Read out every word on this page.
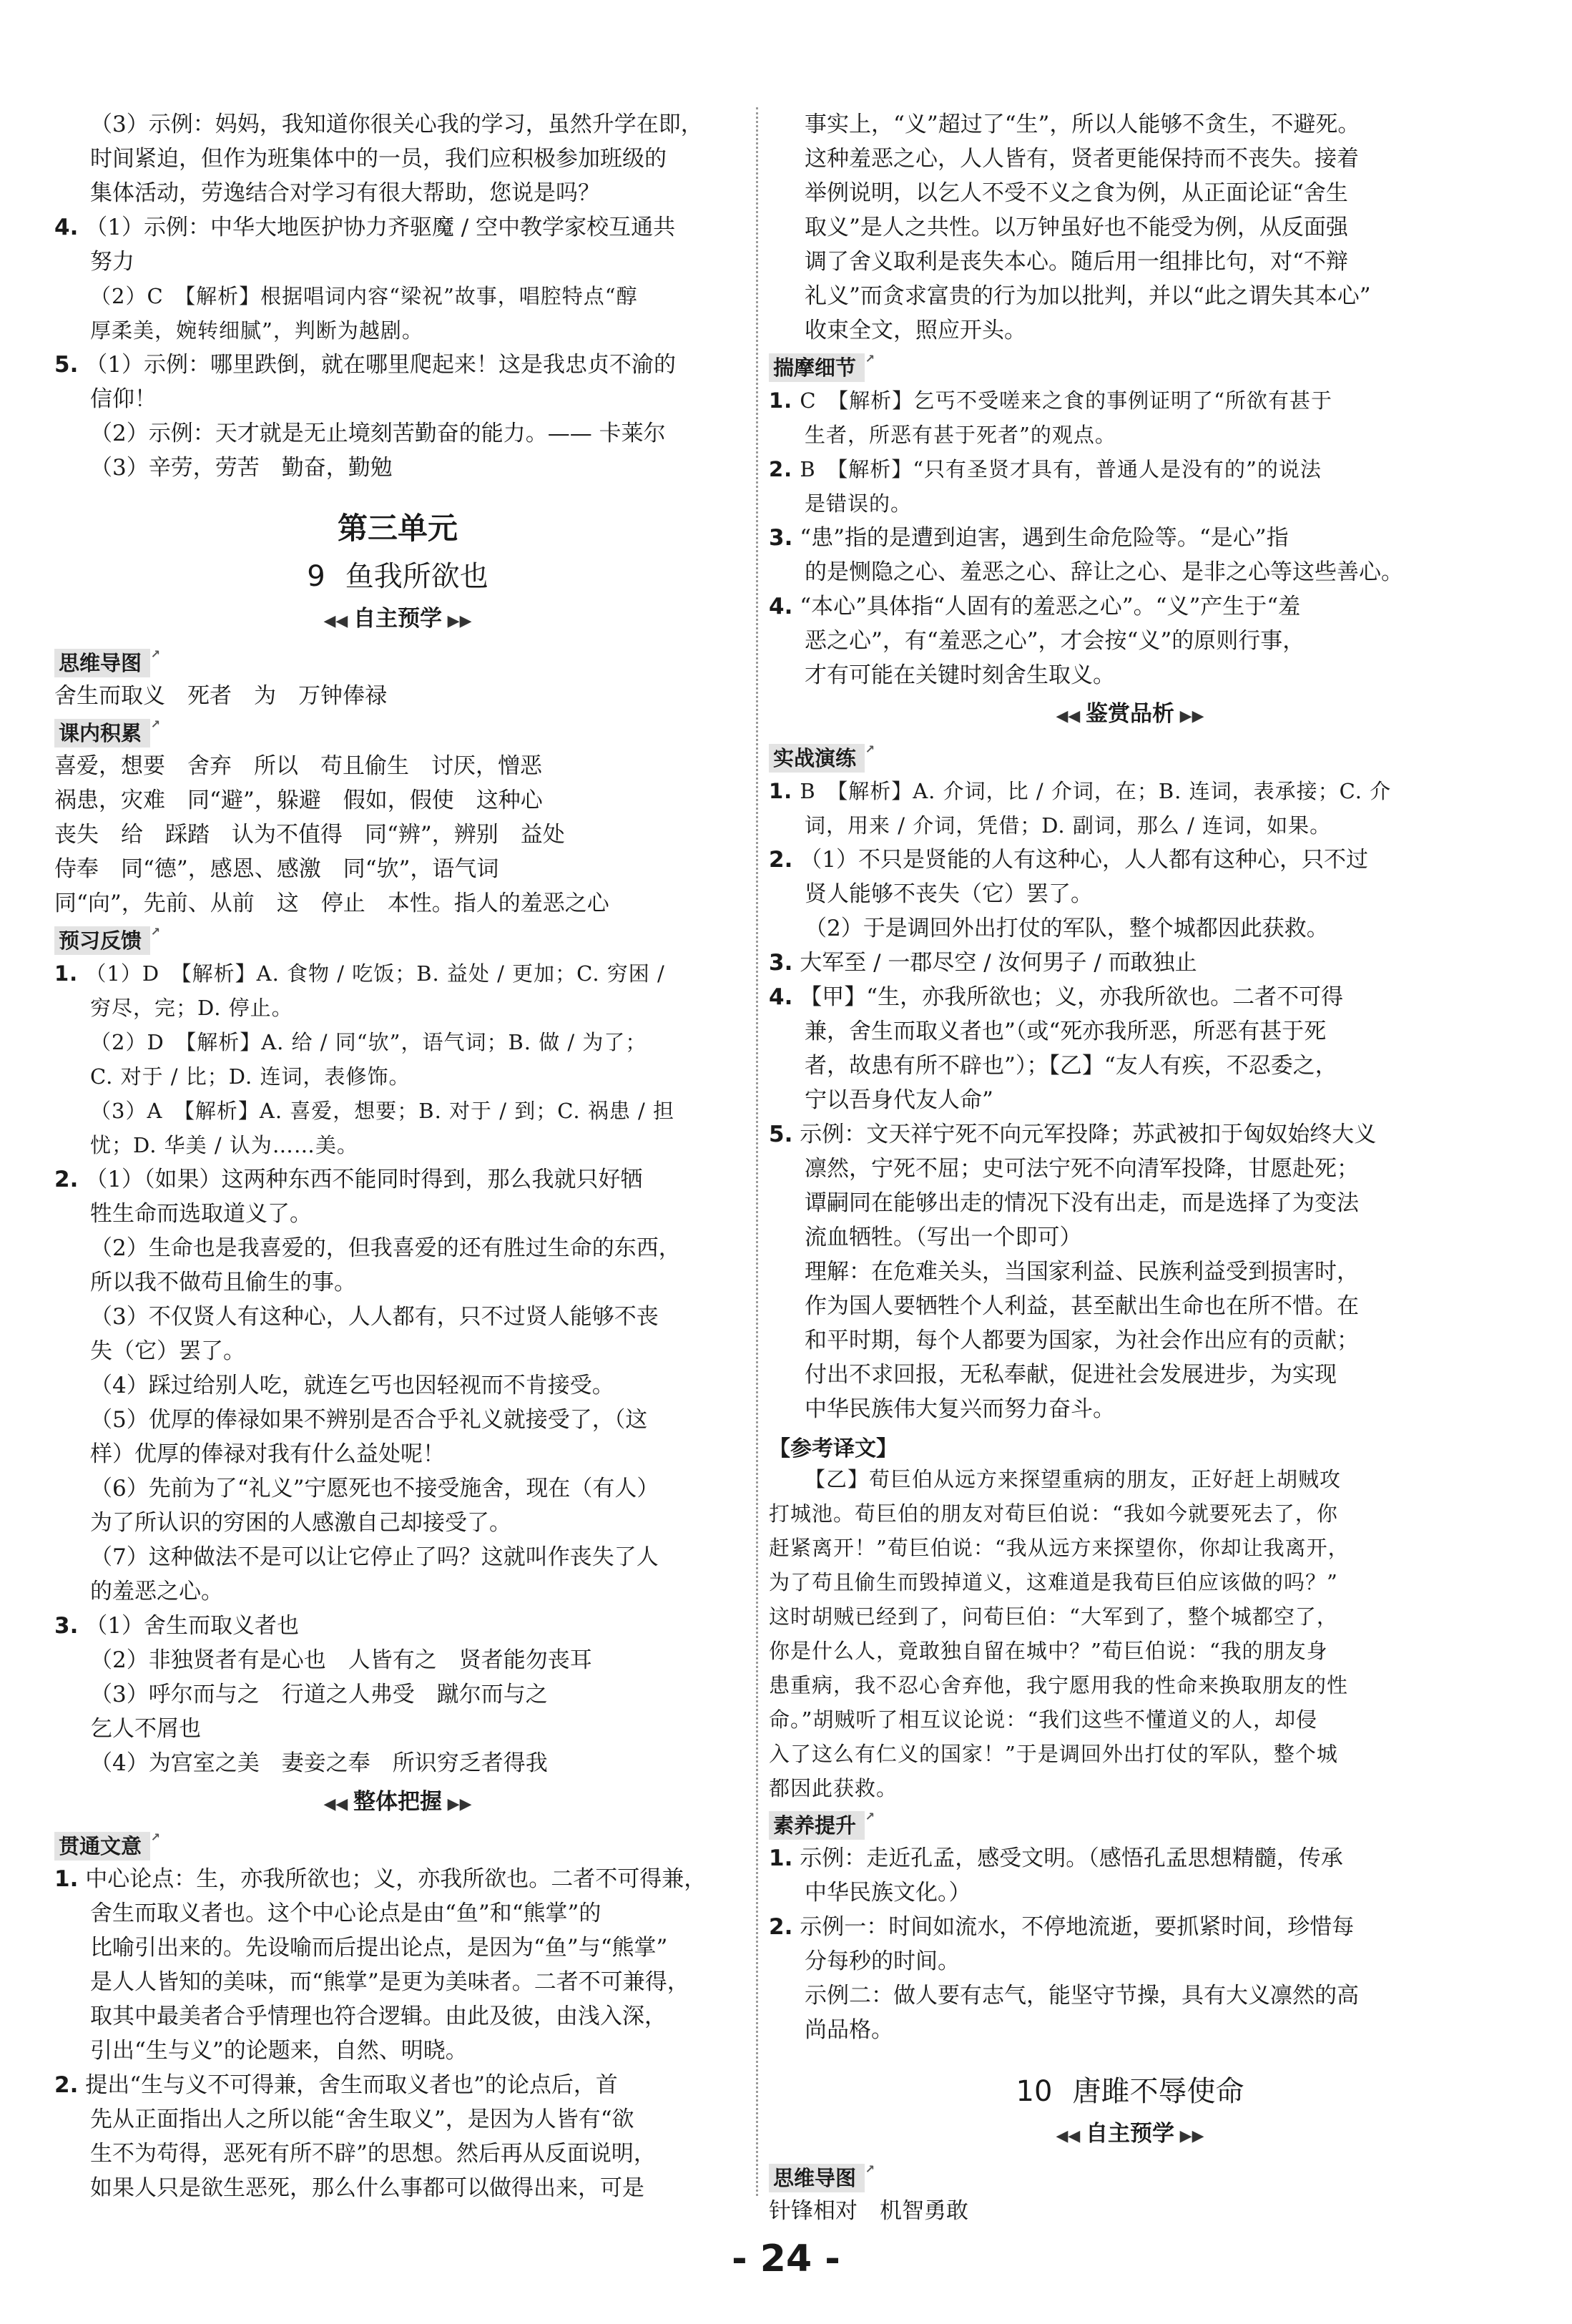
（3）示例：妈妈，我知道你很关心我的学习，虽然升学在即，
时间紧迫，但作为班集体中的一员，我们应积极参加班级的
集体活动，劳逸结合对学习有很大帮助，您说是吗？
4. （1）示例：中华大地医护协力齐驱魔 / 空中教学家校互通共
努力
（2）C　【解析】根据唱词内容“梁祝”故事，唱腔特点“醇
厚柔美，婉转细腻”，判断为越剧。
5. （1）示例：哪里跌倒，就在哪里爬起来！这是我忠贞不渝的
信仰！
（2）示例：天才就是无止境刻苦勤奋的能力。—— 卡莱尔
（3）辛劳，劳苦　勤奋，勤勉
第三单元
9 鱼我所欲也
◀◀ 自主预学 ▶▶
思维导图 ↗
舍生而取义　死者　为　万钟俸禄
课内积累 ↗
喜爱，想要　舍弃　所以　苟且偷生　讨厌，憎恶
祸患，灾难　同“避”，躲避　假如，假使　这种心
丧失　给　踩踏　认为不值得　同“辨”，辨别　益处
侍奉　同“德”，感恩、感激　同“欤”，语气词
同“向”，先前、从前　这　停止　本性。指人的羞恶之心
预习反馈 ↗
1. （1）D　【解析】A. 食物 / 吃饭；B. 益处 / 更加；C. 穷困 /
穷尽，完；D. 停止。
（2）D　【解析】A. 给 / 同“欤”，语气词；B. 做 / 为了；
C. 对于 / 比；D. 连词，表修饰。
（3）A　【解析】A. 喜爱，想要；B. 对于 / 到；C. 祸患 / 担
忧；D. 华美 / 认为……美。
2. （1）（如果）这两种东西不能同时得到，那么我就只好牺
牲生命而选取道义了。
（2）生命也是我喜爱的，但我喜爱的还有胜过生命的东西，
所以我不做苟且偷生的事。
（3）不仅贤人有这种心，人人都有，只不过贤人能够不丧
失（它）罢了。
（4）踩过给别人吃，就连乞丐也因轻视而不肯接受。
（5）优厚的俸禄如果不辨别是否合乎礼义就接受了，（这
样）优厚的俸禄对我有什么益处呢！
（6）先前为了“礼义”宁愿死也不接受施舍，现在（有人）
为了所认识的穷困的人感激自己却接受了。
（7）这种做法不是可以让它停止了吗？这就叫作丧失了人
的羞恶之心。
3. （1）舍生而取义者也
（2）非独贤者有是心也　人皆有之　贤者能勿丧耳
（3）呼尔而与之　行道之人弗受　蹴尔而与之
乞人不屑也
（4）为宫室之美　妻妾之奉　所识穷乏者得我
◀◀ 整体把握 ▶▶
贯通文意 ↗
1. 中心论点：生，亦我所欲也；义，亦我所欲也。二者不可得兼，
舍生而取义者也。这个中心论点是由“鱼”和“熊掌”的
比喻引出来的。先设喻而后提出论点，是因为“鱼”与“熊掌”
是人人皆知的美味，而“熊掌”是更为美味者。二者不可兼得，
取其中最美者合乎情理也符合逻辑。由此及彼，由浅入深，
引出“生与义”的论题来，自然、明晓。
2. 提出“生与义不可得兼，舍生而取义者也”的论点后，首
先从正面指出人之所以能“舍生取义”，是因为人皆有“欲
生不为苟得，恶死有所不辟”的思想。然后再从反面说明，
如果人只是欲生恶死，那么什么事都可以做得出来，可是
事实上，“义”超过了“生”，所以人能够不贪生，不避死。
这种羞恶之心，人人皆有，贤者更能保持而不丧失。接着
举例说明，以乞人不受不义之食为例，从正面论证“舍生
取义”是人之共性。以万钟虽好也不能受为例，从反面强
调了舍义取利是丧失本心。随后用一组排比句，对“不辩
礼义”而贪求富贵的行为加以批判，并以“此之谓失其本心”
收束全文，照应开头。
揣摩细节 ↗
1. C　【解析】乞丐不受嗟来之食的事例证明了“所欲有甚于
生者，所恶有甚于死者”的观点。
2. B　【解析】“只有圣贤才具有，普通人是没有的”的说法
是错误的。
3. “患”指的是遭到迫害，遇到生命危险等。“是心”指
的是恻隐之心、羞恶之心、辞让之心、是非之心等这些善心。
4. “本心”具体指“人固有的羞恶之心”。“义”产生于“羞
恶之心”，有“羞恶之心”，才会按“义”的原则行事，
才有可能在关键时刻舍生取义。
◀◀ 鉴赏品析 ▶▶
实战演练 ↗
1. B　【解析】A. 介词，比 / 介词，在；B. 连词，表承接；C. 介
词，用来 / 介词，凭借；D. 副词，那么 / 连词，如果。
2. （1）不只是贤能的人有这种心，人人都有这种心，只不过
贤人能够不丧失（它）罢了。
（2）于是调回外出打仗的军队，整个城都因此获救。
3. 大军至 / 一郡尽空 / 汝何男子 / 而敢独止
4. 【甲】“生，亦我所欲也；义，亦我所欲也。二者不可得
兼，舍生而取义者也”（或“死亦我所恶，所恶有甚于死
者，故患有所不辟也”）；【乙】“友人有疾，不忍委之，
宁以吾身代友人命”
5. 示例：文天祥宁死不向元军投降；苏武被扣于匈奴始终大义
凛然，宁死不屈；史可法宁死不向清军投降，甘愿赴死；
谭嗣同在能够出走的情况下没有出走，而是选择了为变法
流血牺牲。（写出一个即可）
理解：在危难关头，当国家利益、民族利益受到损害时，
作为国人要牺牲个人利益，甚至献出生命也在所不惜。在
和平时期，每个人都要为国家，为社会作出应有的贡献；
付出不求回报，无私奉献，促进社会发展进步，为实现
中华民族伟大复兴而努力奋斗。
【参考译文】
【乙】荀巨伯从远方来探望重病的朋友，正好赶上胡贼攻
打城池。荀巨伯的朋友对荀巨伯说：“我如今就要死去了，你
赶紧离开！”荀巨伯说：“我从远方来探望你，你却让我离开，
为了苟且偷生而毁掉道义，这难道是我荀巨伯应该做的吗？”
这时胡贼已经到了，问荀巨伯：“大军到了，整个城都空了，
你是什么人，竟敢独自留在城中？”荀巨伯说：“我的朋友身
患重病，我不忍心舍弃他，我宁愿用我的性命来换取朋友的性
命。”胡贼听了相互议论说：“我们这些不懂道义的人，却侵
入了这么有仁义的国家！”于是调回外出打仗的军队，整个城
都因此获救。
素养提升 ↗
1. 示例：走近孔孟，感受文明。（感悟孔孟思想精髓，传承
中华民族文化。）
2. 示例一：时间如流水，不停地流逝，要抓紧时间，珍惜每
分每秒的时间。
示例二：做人要有志气，能坚守节操，具有大义凛然的高
尚品格。
10 唐雎不辱使命
◀◀ 自主预学 ▶▶
思维导图 ↗
针锋相对　机智勇敢
- 24 -
